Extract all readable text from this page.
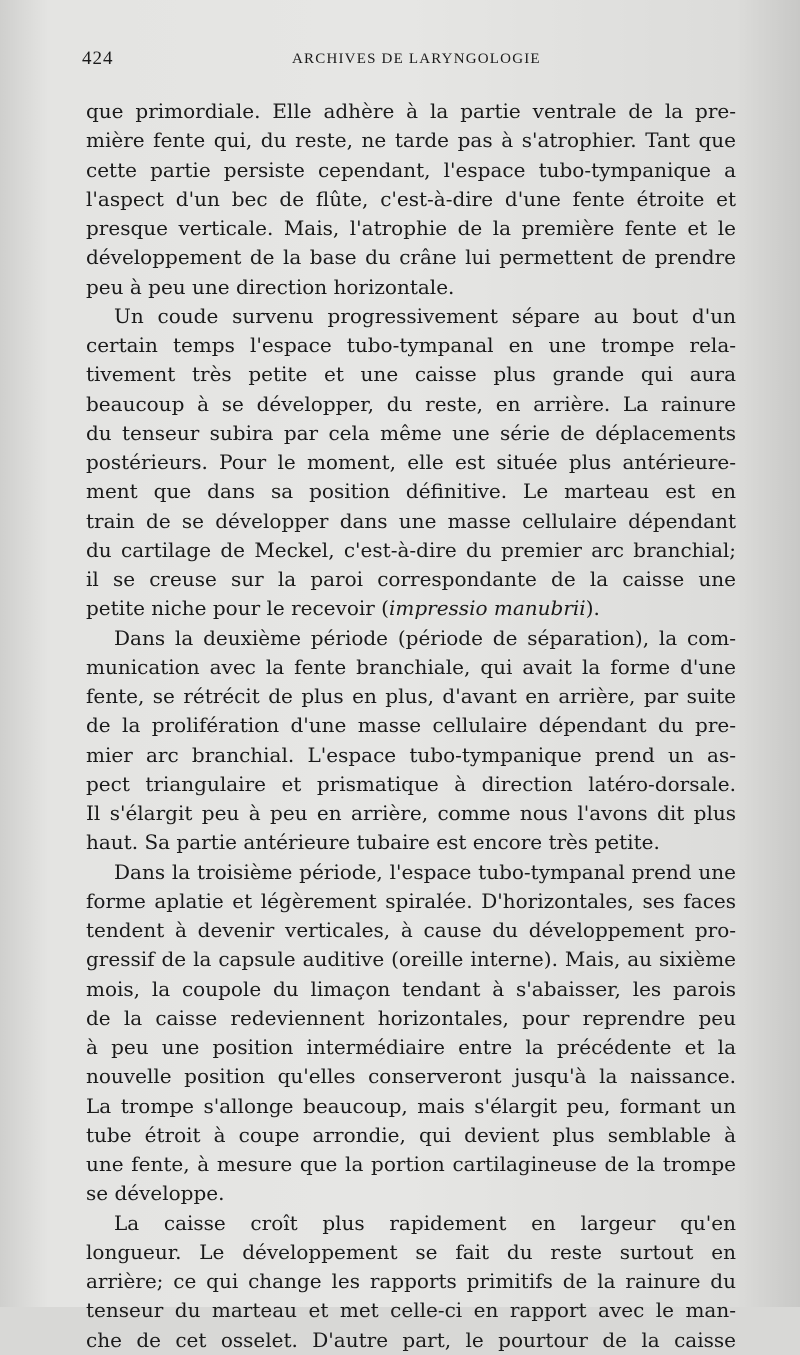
424	ARCHIVES DE LARYNGOLOGIE
que primordiale. Elle adhère à la partie ventrale de la pre-
mière fente qui, du reste, ne tarde pas à s'atrophier. Tant que
cette partie persiste cependant, l'espace tubo-tympanique a
l'aspect d'un bec de flûte, c'est-à-dire d'une fente étroite et
presque verticale. Mais, l'atrophie de la première fente et le
développement de la base du crâne lui permettent de prendre
peu à peu une direction horizontale.
Un coude survenu progressivement sépare au bout d'un
certain temps l'espace tubo-tympanal en une trompe rela-
tivement très petite et une caisse plus grande qui aura
beaucoup à se développer, du reste, en arrière. La rainure
du tenseur subira par cela même une série de déplacements
postérieurs. Pour le moment, elle est située plus antérieure-
ment que dans sa position définitive. Le marteau est en
train de se développer dans une masse cellulaire dépendant
du cartilage de Meckel, c'est-à-dire du premier arc branchial;
il se creuse sur la paroi correspondante de la caisse une
petite niche pour le recevoir (impressio manubrii).
Dans la deuxième période (période de séparation), la com-
munication avec la fente branchiale, qui avait la forme d'une
fente, se rétrécit de plus en plus, d'avant en arrière, par suite
de la prolifération d'une masse cellulaire dépendant du pre-
mier arc branchial. L'espace tubo-tympanique prend un as-
pect triangulaire et prismatique à direction latéro-dorsale.
Il s'élargit peu à peu en arrière, comme nous l'avons dit plus
haut. Sa partie antérieure tubaire est encore très petite.
Dans la troisième période, l'espace tubo-tympanal prend une
forme aplatie et légèrement spiralée. D'horizontales, ses faces
tendent à devenir verticales, à cause du développement pro-
gressif de la capsule auditive (oreille interne). Mais, au sixième
mois, la coupole du limaçon tendant à s'abaisser, les parois
de la caisse redeviennent horizontales, pour reprendre peu
à peu une position intermédiaire entre la précédente et la
nouvelle position qu'elles conserveront jusqu'à la naissance.
La trompe s'allonge beaucoup, mais s'élargit peu, formant un
tube étroit à coupe arrondie, qui devient plus semblable à
une fente, à mesure que la portion cartilagineuse de la trompe
se développe.
La caisse croît plus rapidement en largeur qu'en
longueur. Le développement se fait du reste surtout en
arrière; ce qui change les rapports primitifs de la rainure du
tenseur du marteau et met celle-ci en rapport avec le man-
che de cet osselet. D'autre part, le pourtour de la caisse
